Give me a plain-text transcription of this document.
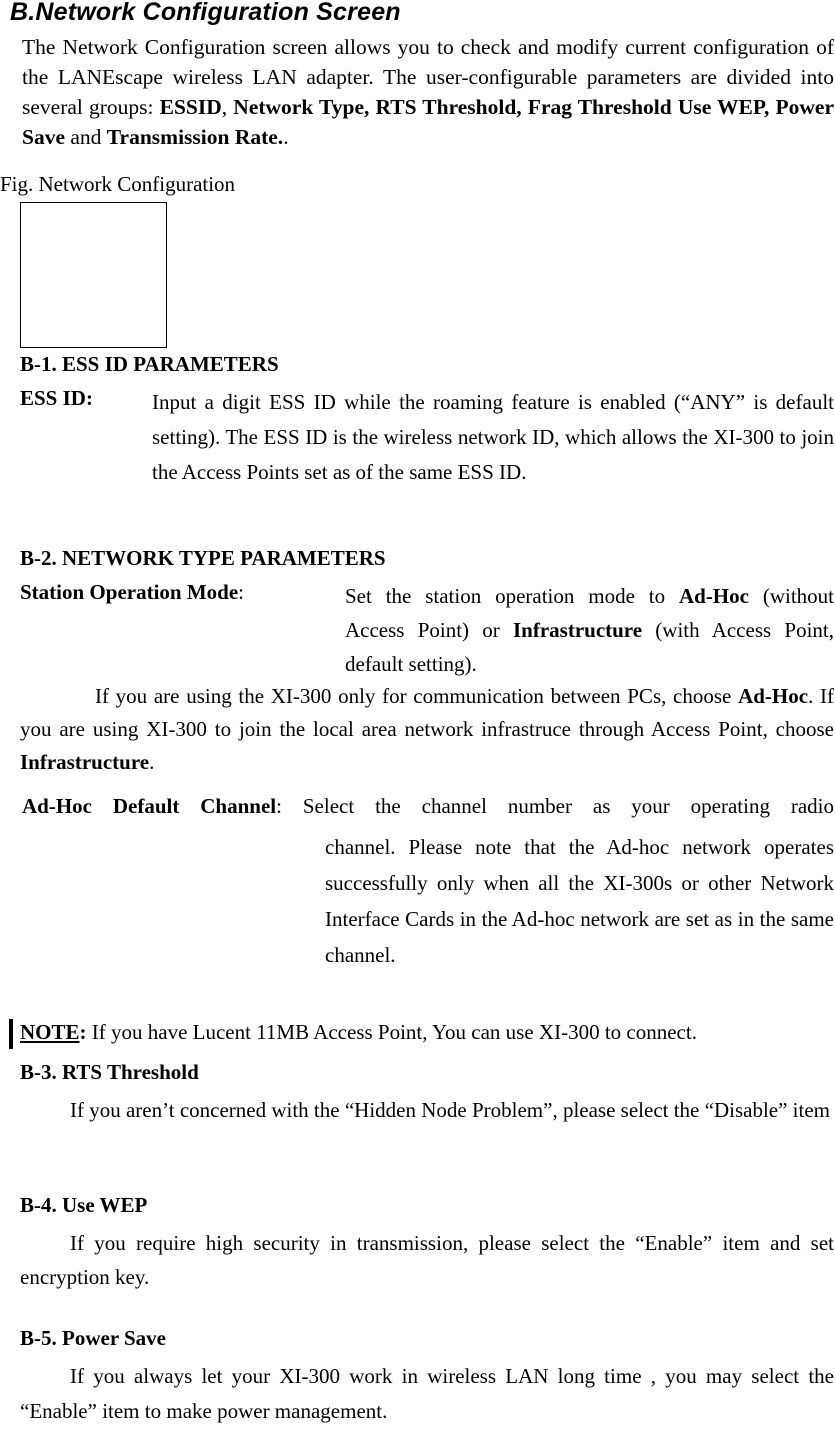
B.Network Configuration Screen
The Network Configuration screen allows you to check and modify current configuration of the LANEscape wireless LAN adapter. The user-configurable parameters are divided into several groups: ESSID, Network Type, RTS Threshold, Frag Threshold Use WEP, Power Save and Transmission Rate..
Fig. Network Configuration
B-1. ESS ID PARAMETERS
ESS ID:	Input a digit ESS ID while the roaming feature is enabled (“ANY” is default setting). The ESS ID is the wireless network ID, which allows the XI-300 to join the Access Points set as of the same ESS ID.
B-2. NETWORK TYPE PARAMETERS
Station Operation Mode:	Set the station operation mode to Ad-Hoc (without Access Point) or Infrastructure (with Access Point, default setting).
If you are using the XI-300 only for communication between PCs, choose Ad-Hoc. If you are using XI-300 to join the local area network infrastruce through Access Point, choose Infrastructure.
Ad-Hoc Default Channel: Select the channel number as your operating radio
channel. Please note that the Ad-hoc network operates successfully only when all the XI-300s or other Network Interface Cards in the Ad-hoc network are set as in the same channel.
NOTE: If you have Lucent 11MB Access Point, You can use XI-300 to connect.
B-3. RTS Threshold
If you aren’t concerned with the “Hidden Node Problem”, please select the “Disable” item
B-4. Use WEP
If you require high security in transmission, please select the “Enable” item and set encryption key.
B-5. Power Save
If you always let your XI-300 work in wireless LAN long time , you may select the “Enable” item to make power management.
